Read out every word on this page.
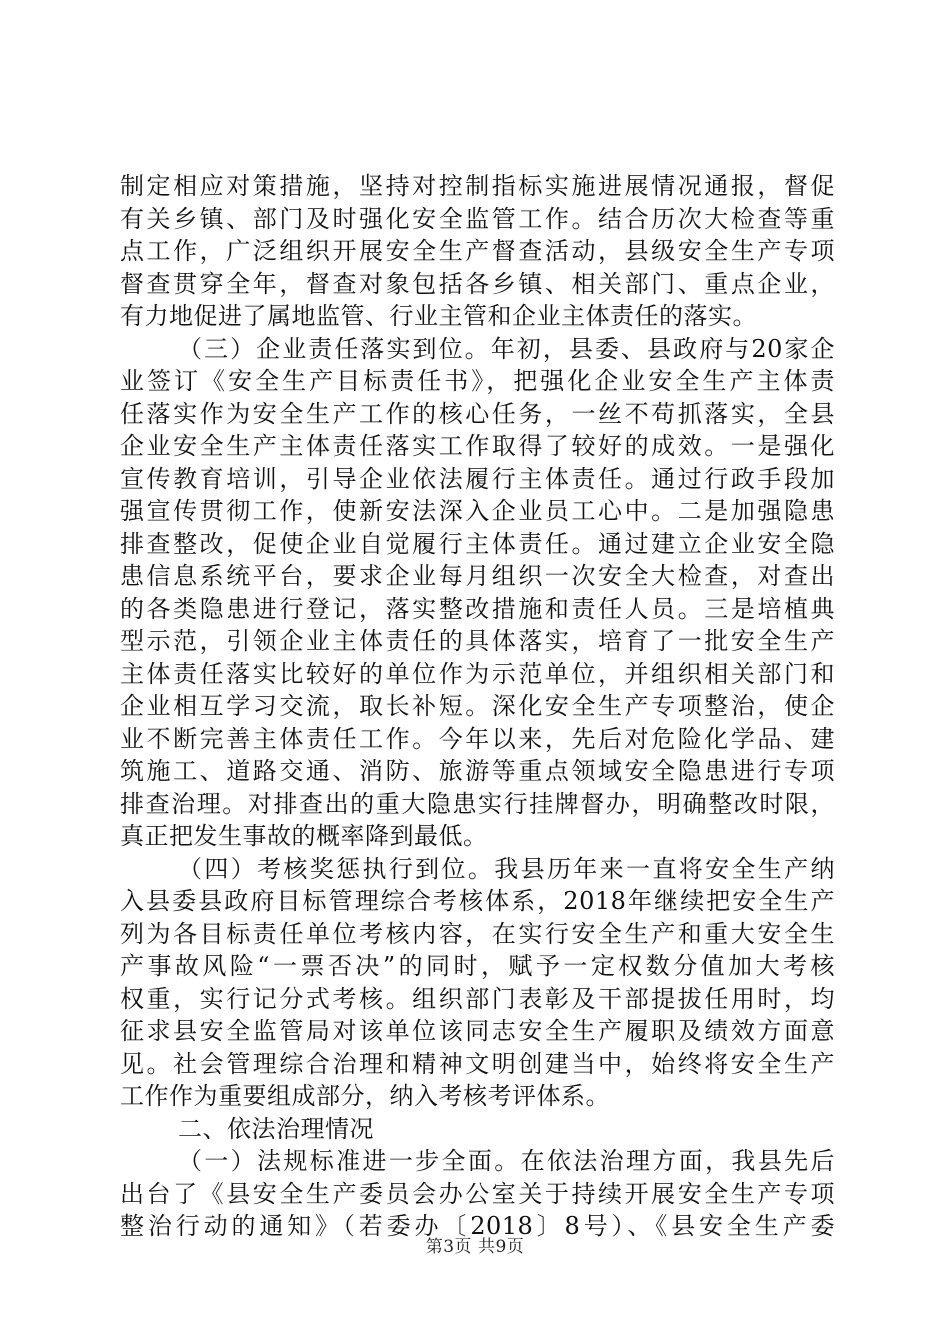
制定相应对策措施，坚持对控制指标实施进展情况通报，督促
有关乡镇、部门及时强化安全监管工作。结合历次大检查等重
点工作，广泛组织开展安全生产督查活动，县级安全生产专项
督查贯穿全年，督查对象包括各乡镇、相关部门、重点企业，
有力地促进了属地监管、行业主管和企业主体责任的落实。
（三）企业责任落实到位。年初，县委、县政府与20家企
业签订《安全生产目标责任书》，把强化企业安全生产主体责
任落实作为安全生产工作的核心任务，一丝不苟抓落实，全县
企业安全生产主体责任落实工作取得了较好的成效。一是强化
宣传教育培训，引导企业依法履行主体责任。通过行政手段加
强宣传贯彻工作，使新安法深入企业员工心中。二是加强隐患
排查整改，促使企业自觉履行主体责任。通过建立企业安全隐
患信息系统平台，要求企业每月组织一次安全大检查，对查出
的各类隐患进行登记，落实整改措施和责任人员。三是培植典
型示范，引领企业主体责任的具体落实，培育了一批安全生产
主体责任落实比较好的单位作为示范单位，并组织相关部门和
企业相互学习交流，取长补短。深化安全生产专项整治，使企
业不断完善主体责任工作。今年以来，先后对危险化学品、建
筑施工、道路交通、消防、旅游等重点领域安全隐患进行专项
排查治理。对排查出的重大隐患实行挂牌督办，明确整改时限，
真正把发生事故的概率降到最低。
（四）考核奖惩执行到位。我县历年来一直将安全生产纳
入县委县政府目标管理综合考核体系，2018年继续把安全生产
列为各目标责任单位考核内容，在实行安全生产和重大安全生
产事故风险“一票否决”的同时，赋予一定权数分值加大考核
权重，实行记分式考核。组织部门表彰及干部提拔任用时，均
征求县安全监管局对该单位该同志安全生产履职及绩效方面意
见。社会管理综合治理和精神文明创建当中，始终将安全生产
工作作为重要组成部分，纳入考核考评体系。
二、依法治理情况
（一）法规标准进一步全面。在依法治理方面，我县先后
出台了《县安全生产委员会办公室关于持续开展安全生产专项
整治行动的通知》（若委办〔2018〕8号）、《县安全生产委
第3页 共9页
